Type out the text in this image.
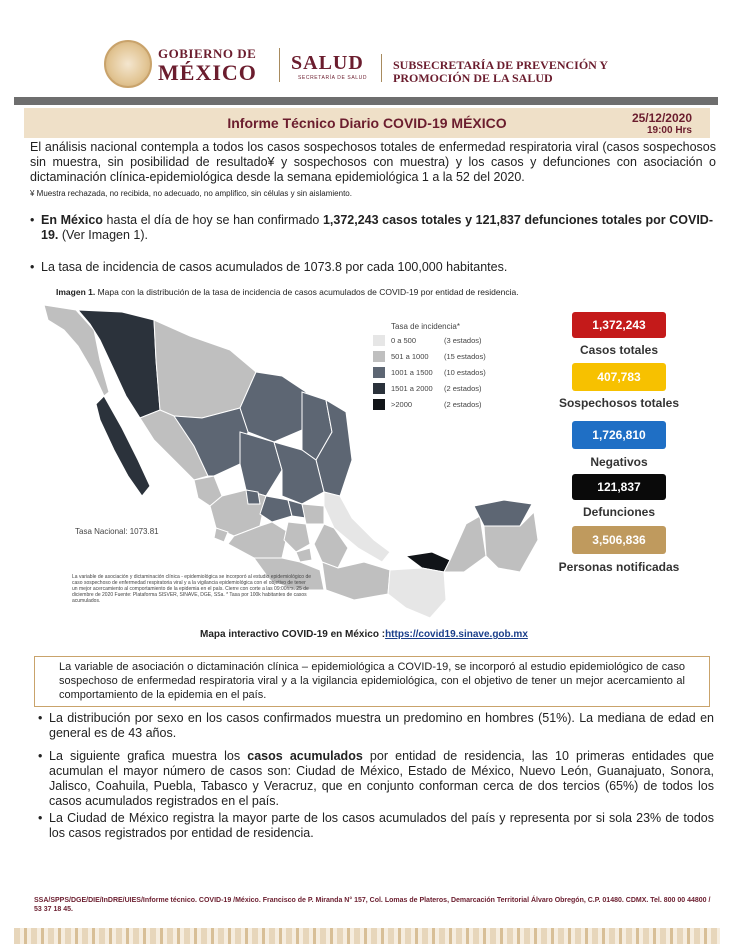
GOBIERNO DE
MÉXICO SALUD
SECRETARÍA DE SALUD
SUBSECRETARÍA DE PREVENCIÓN Y
PROMOCIÓN DE LA SALUD
Informe Técnico Diario COVID-19 MÉXICO	25/12/2020
19:00 Hrs
El análisis nacional contempla a todos los casos sospechosos totales de enfermedad respiratoria viral (casos sospechosos sin muestra, sin posibilidad de resultado¥ y sospechosos con muestra) y los casos y defunciones con asociación o dictaminación clínica-epidemiológica desde la semana epidemiológica 1 a la 52 del 2020.
¥ Muestra rechazada, no recibida, no adecuado, no amplifico, sin células y sin aislamiento.
• En México hasta el día de hoy se han confirmado 1,372,243 casos totales y 121,837 defunciones totales por COVID-19. (Ver Imagen 1).
• La tasa de incidencia de casos acumulados de 1073.8 por cada 100,000 habitantes.
Imagen 1. Mapa con la distribución de la tasa de incidencia de casos acumulados de COVID-19 por entidad de residencia.
Tasa de incidencia*
0 a 500	(3 estados)
501 a 1000 (15 estados)
1001 a 1500 (10 estados)
1501 a 2000 (2 estados)
>2000	(2 estados)
Tasa Nacional: 1073.81
La variable de asociación y dictaminación clínica - epidemiológica se incorporó al estudio epidemiológico de caso sospechoso de enfermedad respiratoria viral y a la vigilancia epidemiológica con el objetivo de tener un mejor acercamiento al comportamiento de la epidemia en el país. Cierre con corte a las 09:00hrs. 25 de diciembre de 2020 Fuente: Plataforma SISVER, SINAVE, DGE, SSa. * Tasa por 100k habitantes de casos acumulados.
1,372,243
Casos totales
407,783
Sospechosos totales
1,726,810
Negativos
121,837
Defunciones
3,506,836
Personas notificadas
Mapa interactivo COVID-19 en México :https://covid19.sinave.gob.mx
La variable de asociación o dictaminación clínica – epidemiológica a COVID-19, se incorporó al estudio epidemiológico de caso sospechoso de enfermedad respiratoria viral y a la vigilancia epidemiológica, con el objetivo de tener un mejor acercamiento al comportamiento de la epidemia en el país.
• La distribución por sexo en los casos confirmados muestra un predomino en hombres (51%). La mediana de edad en general es de 43 años.
• La siguiente grafica muestra los casos acumulados por entidad de residencia, las 10 primeras entidades que acumulan el mayor número de casos son: Ciudad de México, Estado de México, Nuevo León, Guanajuato, Sonora, Jalisco, Coahuila, Puebla, Tabasco y Veracruz, que en conjunto conforman cerca de dos tercios (65%) de todos los casos acumulados registrados en el país.
• La Ciudad de México registra la mayor parte de los casos acumulados del país y representa por si sola 23% de todos los casos registrados por entidad de residencia.
SSA/SPPS/DGE/DIE/InDRE/UIES/Informe técnico. COVID-19 /México. Francisco de P. Miranda N° 157, Col. Lomas de Plateros, Demarcación Territorial Álvaro Obregón, C.P. 01480. CDMX. Tel. 800 00 44800 / 53 37 18 45.
